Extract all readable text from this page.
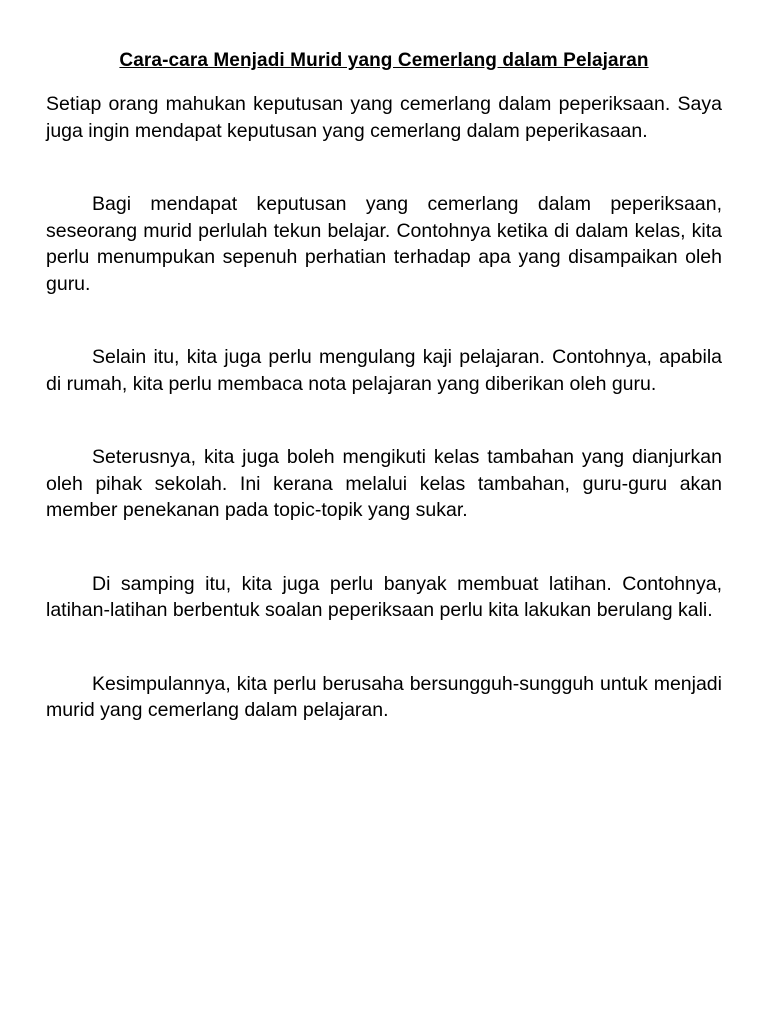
Cara-cara Menjadi Murid yang Cemerlang dalam Pelajaran

Setiap orang mahukan keputusan yang cemerlang dalam peperiksaan. Saya juga ingin mendapat keputusan yang cemerlang dalam peperikasaan.

Bagi mendapat keputusan yang cemerlang dalam peperiksaan, seseorang murid perlulah tekun belajar. Contohnya ketika di dalam kelas, kita perlu menumpukan sepenuh perhatian terhadap apa yang disampaikan oleh guru.

Selain itu, kita juga perlu mengulang kaji pelajaran. Contohnya, apabila di rumah, kita perlu membaca nota pelajaran yang diberikan oleh guru.

Seterusnya, kita juga boleh mengikuti kelas tambahan yang dianjurkan oleh pihak sekolah. Ini kerana melalui kelas tambahan, guru-guru akan member penekanan pada topic-topik yang sukar.

Di samping itu, kita juga perlu banyak membuat latihan. Contohnya, latihan-latihan berbentuk soalan peperiksaan perlu kita lakukan berulang kali.

Kesimpulannya, kita perlu berusaha bersungguh-sungguh untuk menjadi murid yang cemerlang dalam pelajaran.
